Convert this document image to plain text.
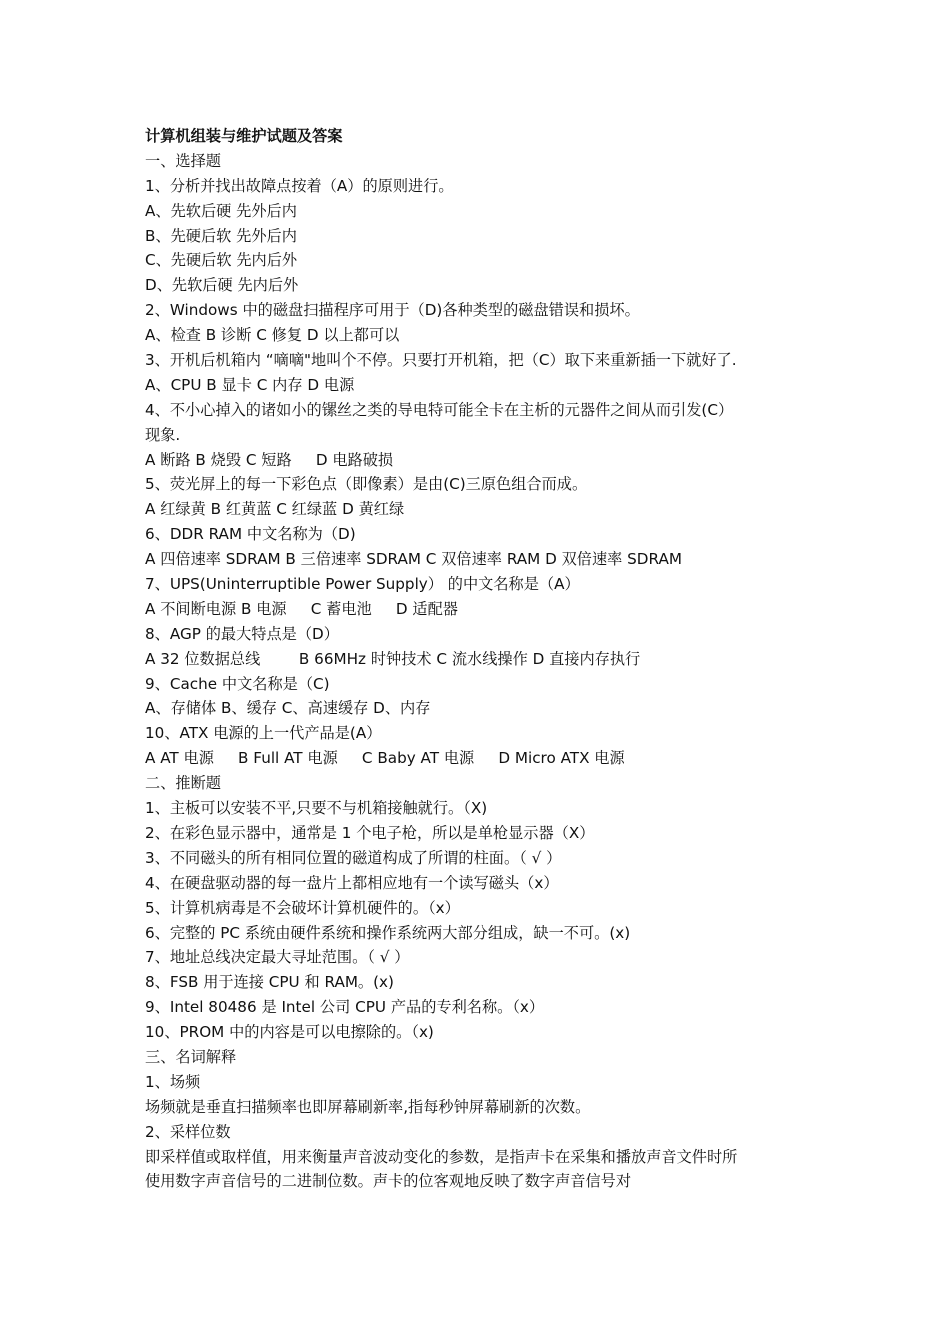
计算机组装与维护试题及答案
一、选择题
1、分析并找出故障点按着（A）的原则进行。
A、先软后硬 先外后内
B、先硬后软 先外后内
C、先硬后软 先内后外
D、先软后硬 先内后外
2、Windows 中的磁盘扫描程序可用于（D)各种类型的磁盘错误和损坏。
A、检查 B 诊断 C 修复 D 以上都可以
3、开机后机箱内 “嘀嘀"地叫个不停。只要打开机箱，把（C）取下来重新插一下就好了.
A、CPU B 显卡 C 内存 D 电源
4、不小心掉入的诸如小的镙丝之类的导电特可能全卡在主析的元器件之间从而引发(C）
现象.
A 断路 B 烧毁 C 短路     D 电路破损
5、荧光屏上的每一下彩色点（即像素）是由(C)三原色组合而成。
A 红绿黄 B 红黄蓝 C 红绿蓝 D 黄红绿
6、DDR RAM 中文名称为（D)
A 四倍速率 SDRAM B 三倍速率 SDRAM C 双倍速率 RAM D 双倍速率 SDRAM
7、UPS(Uninterruptible Power Supply） 的中文名称是（A）
A 不间断电源 B 电源     C 蓄电池     D 适配器
8、AGP 的最大特点是（D）
A 32 位数据总线        B 66MHz 时钟技术 C 流水线操作 D 直接内存执行
9、Cache 中文名称是（C)
A、存储体 B、缓存 C、高速缓存 D、内存
10、ATX 电源的上一代产品是(A）
A AT 电源     B Full AT 电源     C Baby AT 电源     D Micro ATX 电源
二、推断题
1、主板可以安装不平,只要不与机箱接触就行。（X)
2、在彩色显示器中，通常是 1 个电子枪，所以是单枪显示器（X）
3、不同磁头的所有相同位置的磁道构成了所谓的柱面。（ √ ）
4、在硬盘驱动器的每一盘片上都相应地有一个读写磁头（x）
5、计算机病毒是不会破坏计算机硬件的。（x）
6、完整的 PC 系统由硬件系统和操作系统两大部分组成，缺一不可。(x)
7、地址总线决定最大寻址范围。（ √ ）
8、FSB 用于连接 CPU 和 RAM。(x)
9、Intel 80486 是 Intel 公司 CPU 产品的专利名称。（x）
10、PROM 中的内容是可以电擦除的。（x)
三、名词解释
1、场频
场频就是垂直扫描频率也即屏幕刷新率,指每秒钟屏幕刷新的次数。
2、采样位数
即采样值或取样值，用来衡量声音波动变化的参数，是指声卡在采集和播放声音文件时所
使用数字声音信号的二进制位数。声卡的位客观地反映了数字声音信号对
